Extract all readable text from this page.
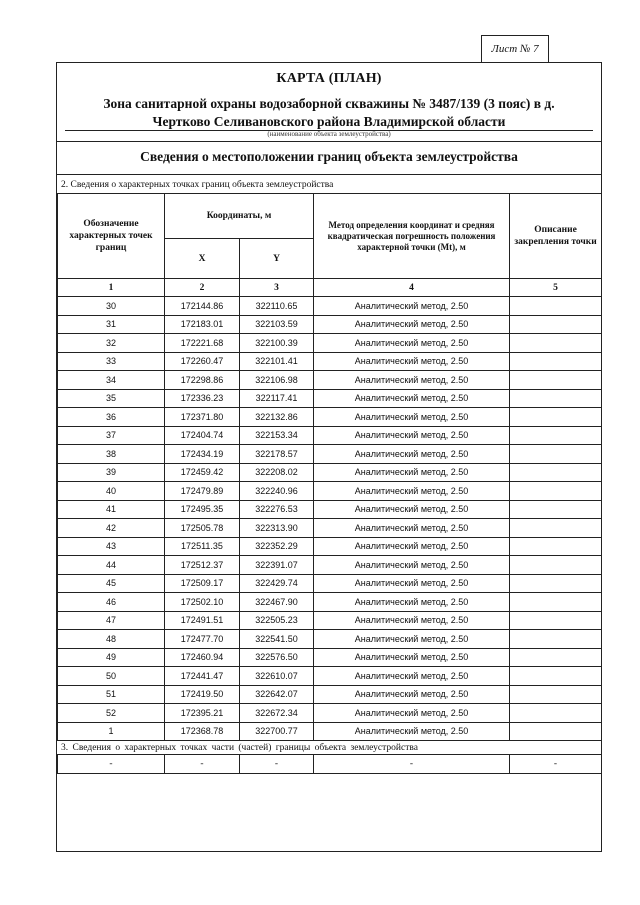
Лист № 7
КАРТА (ПЛАН)
Зона санитарной охраны водозаборной скважины № 3487/139 (3 пояс) в д.
Чертково Селивановского района Владимирской области
(наименование объекта землеустройства)
Сведения о местоположении границ объекта землеустройства
2. Сведения о характерных точках границ объекта землеустройства
Обозначение характерных точек границ	Координаты, м		Метод определения координат и средняя квадратическая погрешность положения характерной точки (Mt), м	Описание закрепления точки
	X	Y		
1	2	3	4	5
30	172144.86	322110.65	Аналитический метод, 2.50	
31	172183.01	322103.59	Аналитический метод, 2.50	
32	172221.68	322100.39	Аналитический метод, 2.50	
33	172260.47	322101.41	Аналитический метод, 2.50	
34	172298.86	322106.98	Аналитический метод, 2.50	
35	172336.23	322117.41	Аналитический метод, 2.50	
36	172371.80	322132.86	Аналитический метод, 2.50	
37	172404.74	322153.34	Аналитический метод, 2.50	
38	172434.19	322178.57	Аналитический метод, 2.50	
39	172459.42	322208.02	Аналитический метод, 2.50	
40	172479.89	322240.96	Аналитический метод, 2.50	
41	172495.35	322276.53	Аналитический метод, 2.50	
42	172505.78	322313.90	Аналитический метод, 2.50	
43	172511.35	322352.29	Аналитический метод, 2.50	
44	172512.37	322391.07	Аналитический метод, 2.50	
45	172509.17	322429.74	Аналитический метод, 2.50	
46	172502.10	322467.90	Аналитический метод, 2.50	
47	172491.51	322505.23	Аналитический метод, 2.50	
48	172477.70	322541.50	Аналитический метод, 2.50	
49	172460.94	322576.50	Аналитический метод, 2.50	
50	172441.47	322610.07	Аналитический метод, 2.50	
51	172419.50	322642.07	Аналитический метод, 2.50	
52	172395.21	322672.34	Аналитический метод, 2.50	
1	172368.78	322700.77	Аналитический метод, 2.50	
3. Сведения о характерных точках части (частей) границы объекта землеустройства
-	-	-	-	-
